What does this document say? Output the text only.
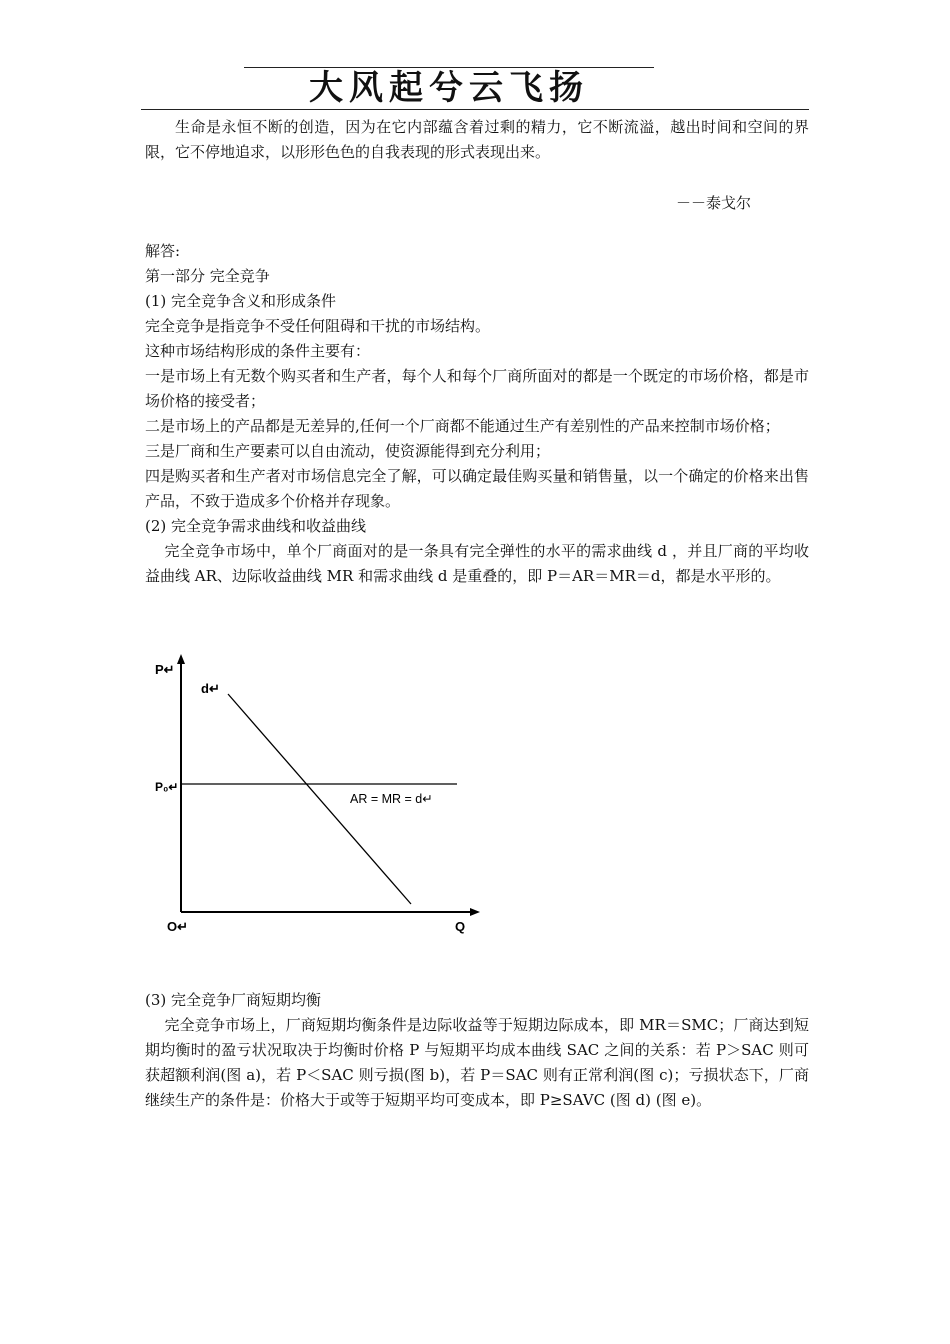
大风起兮云飞扬

生命是永恒不断的创造，因为在它内部蕴含着过剩的精力，它不断流溢，越出时间和空间的界限，它不停地追求，以形形色色的自我表现的形式表现出来。

－－泰戈尔

解答:

第一部分 完全竞争

(1) 完全竞争含义和形成条件

完全竞争是指竞争不受任何阻碍和干扰的市场结构。

这种市场结构形成的条件主要有：

一是市场上有无数个购买者和生产者，每个人和每个厂商所面对的都是一个既定的市场价格，都是市场价格的接受者；

二是市场上的产品都是无差异的,任何一个厂商都不能通过生产有差别性的产品来控制市场价格；

三是厂商和生产要素可以自由流动，使资源能得到充分利用；

四是购买者和生产者对市场信息完全了解，可以确定最佳购买量和销售量，以一个确定的价格来出售产品，不致于造成多个价格并存现象。

(2) 完全竞争需求曲线和收益曲线

完全竞争市场中，单个厂商面对的是一条具有完全弹性的水平的需求曲线 d ，并且厂商的平均收益曲线 AR、边际收益曲线 MR 和需求曲线 d 是重叠的，即 P＝AR＝MR＝d，都是水平形的。

P↵
d↵
P₀↵
AR = MR = d↵
O↵	Q

(3) 完全竞争厂商短期均衡

完全竞争市场上，厂商短期均衡条件是边际收益等于短期边际成本，即 MR＝SMC；厂商达到短期均衡时的盈亏状况取决于均衡时价格 P 与短期平均成本曲线 SAC 之间的关系：若 P＞SAC 则可获超额利润(图 a)，若 P＜SAC 则亏损(图 b)，若 P＝SAC 则有正常利润(图 c)；亏损状态下，厂商继续生产的条件是：价格大于或等于短期平均可变成本，即 P≥SAVC (图 d) (图 e)。
